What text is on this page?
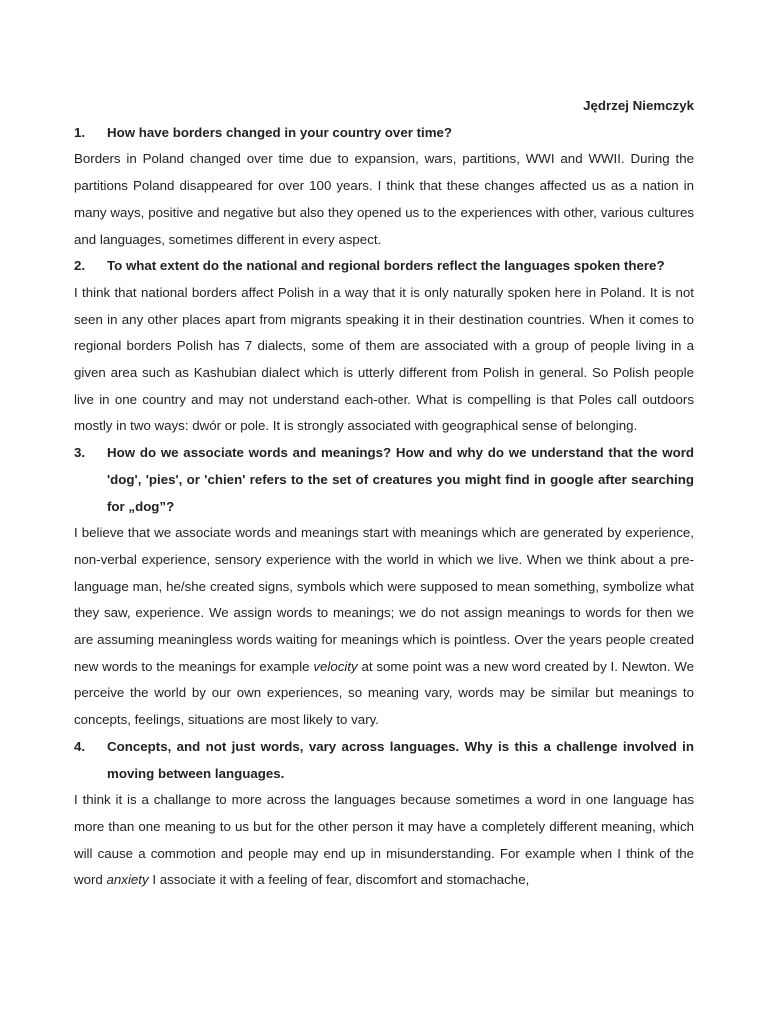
Jędrzej Niemczyk

1.	How have borders changed in your country over time?

Borders in Poland changed over time due to expansion, wars, partitions, WWI and WWII. During the partitions Poland disappeared for over 100 years. I think that these changes affected us as a nation in many ways, positive and negative but also they opened us to the experiences with other, various cultures and languages, sometimes different in every aspect.

2.	To what extent do the national and regional borders reflect the languages spoken there?

I think that national borders affect Polish in a way that it is only naturally spoken here in Poland. It is not seen in any other places apart from migrants speaking it in their destination countries. When it comes to regional borders Polish has 7 dialects, some of them are associated with a group of people living in a given area such as Kashubian dialect which is utterly different from Polish in general. So Polish people live in one country and may not understand each-other. What is compelling is that Poles call outdoors mostly in two ways: dwór or pole. It is strongly associated with geographical sense of belonging.

3.	How do we associate words and meanings? How and why do we understand that the word 'dog', 'pies', or 'chien' refers to the set of creatures you might find in google after searching for „dog”?

I believe that we associate words and meanings start with meanings which are generated by experience, non-verbal experience, sensory experience with the world in which we live. When we think about a pre-language man, he/she created signs, symbols which were supposed to mean something, symbolize what they saw, experience. We assign words to meanings; we do not assign meanings to words for then we are assuming meaningless words waiting for meanings which is pointless. Over the years people created new words to the meanings for example velocity at some point was a new word created by I. Newton. We perceive the world by our own experiences, so meaning vary, words may be similar but meanings to concepts, feelings, situations are most likely to vary.

4.	Concepts, and not just words, vary across languages. Why is this a challenge involved in moving between languages.

I think it is a challange to more across the languages because sometimes a word in one language has more than one meaning to us but for the other person it may have a completely different meaning, which will cause a commotion and people may end up in misunderstanding. For example when I think of the word anxiety I associate it with a feeling of fear, discomfort and stomachache,
